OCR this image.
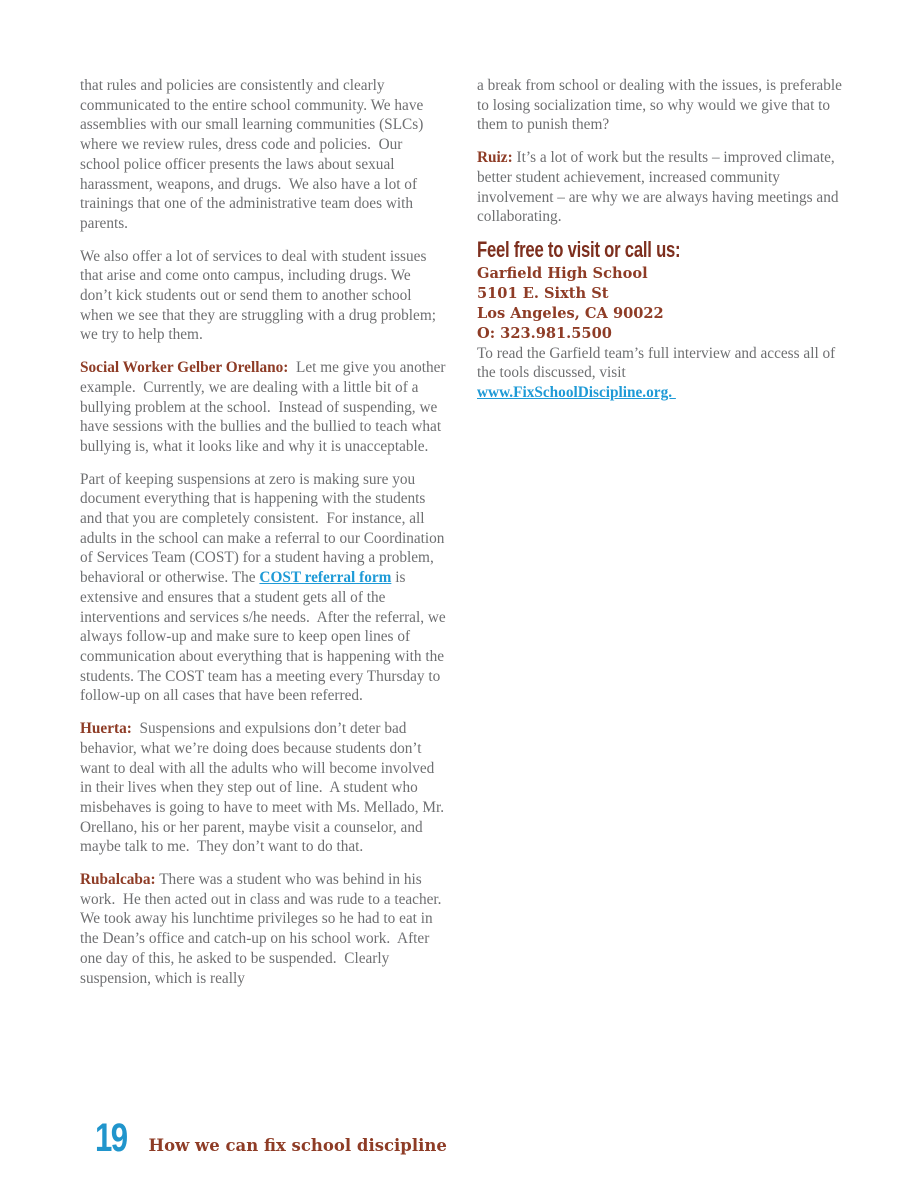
that rules and policies are consistently and clearly communicated to the entire school community. We have assemblies with our small learning communities (SLCs) where we review rules, dress code and policies.  Our school police officer presents the laws about sexual harassment, weapons, and drugs.  We also have a lot of trainings that one of the administrative team does with parents.

We also offer a lot of services to deal with student issues that arise and come onto campus, including drugs. We don’t kick students out or send them to another school when we see that they are struggling with a drug problem; we try to help them.

Social Worker Gelber Orellano:  Let me give you another example.  Currently, we are dealing with a little bit of a bullying problem at the school.  Instead of suspending, we have sessions with the bullies and the bullied to teach what bullying is, what it looks like and why it is unacceptable.

Part of keeping suspensions at zero is making sure you document everything that is happening with the students and that you are completely consistent.  For instance, all adults in the school can make a referral to our Coordination of Services Team (COST) for a student having a problem, behavioral or otherwise. The COST referral form is extensive and ensures that a student gets all of the interventions and services s/he needs.  After the referral, we always follow-up and make sure to keep open lines of communication about everything that is happening with the students. The COST team has a meeting every Thursday to follow-up on all cases that have been referred.

Huerta:  Suspensions and expulsions don’t deter bad behavior, what we’re doing does because students don’t want to deal with all the adults who will become involved in their lives when they step out of line.  A student who misbehaves is going to have to meet with Ms. Mellado, Mr. Orellano, his or her parent, maybe visit a counselor, and maybe talk to me.  They don’t want to do that.

Rubalcaba: There was a student who was behind in his work.  He then acted out in class and was rude to a teacher.  We took away his lunchtime privileges so he had to eat in the Dean’s office and catch-up on his school work.  After one day of this, he asked to be suspended.  Clearly suspension, which is really

a break from school or dealing with the issues, is preferable to losing socialization time, so why would we give that to them to punish them?

Ruiz: It’s a lot of work but the results – improved climate, better student achievement, increased community involvement – are why we are always having meetings and collaborating.

Feel free to visit or call us:
Garfield High School
5101 E. Sixth St
Los Angeles, CA 90022
O: 323.981.5500

To read the Garfield team’s full interview and access all of the tools discussed, visit
www.FixSchoolDiscipline.org.

19 How we can fix school discipline
